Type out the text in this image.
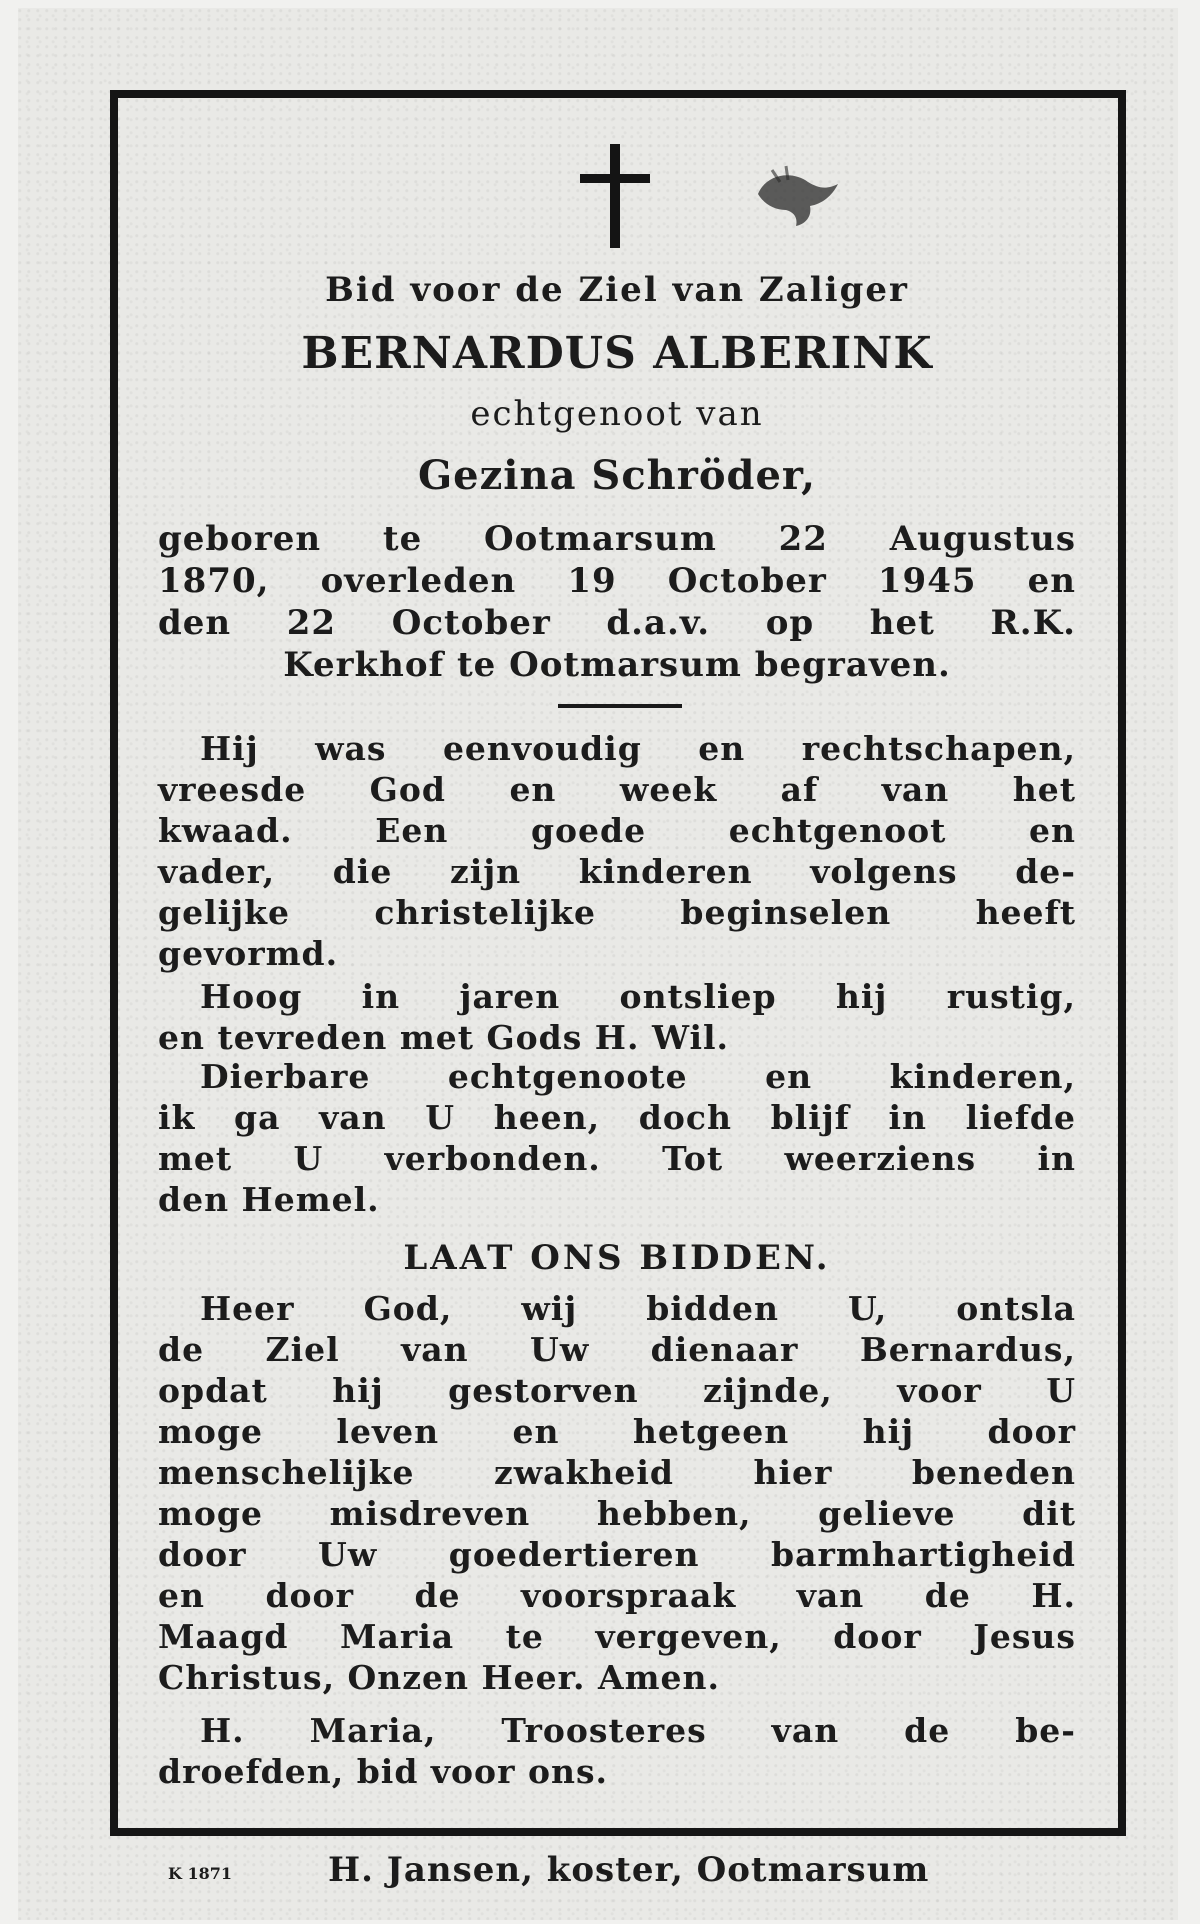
Bid voor de Ziel van Zaliger
BERNARDUS ALBERINK
echtgenoot van
Gezina Schröder,
geboren te Ootmarsum 22 Augustus
1870, overleden 19 October 1945 en
den 22 October d.a.v. op het R.K.
Kerkhof te Ootmarsum begraven.
Hij was eenvoudig en rechtschapen,
vreesde God en week af van het
kwaad. Een goede echtgenoot en
vader, die zijn kinderen volgens de-
gelijke christelijke beginselen heeft
gevormd.
Hoog in jaren ontsliep hij rustig,
en tevreden met Gods H. Wil.
Dierbare echtgenoote en kinderen,
ik ga van U heen, doch blijf in liefde
met U verbonden. Tot weerziens in
den Hemel.
LAAT ONS BIDDEN.
Heer God, wij bidden U, ontsla
de Ziel van Uw dienaar Bernardus,
opdat hij gestorven zijnde, voor U
moge leven en hetgeen hij door
menschelijke zwakheid hier beneden
moge misdreven hebben, gelieve dit
door Uw goedertieren barmhartigheid
en door de voorspraak van de H.
Maagd Maria te vergeven, door Jesus
Christus, Onzen Heer. Amen.
H. Maria, Troosteres van de be-
droefden, bid voor ons.
K 1871	H. Jansen, koster, Ootmarsum
